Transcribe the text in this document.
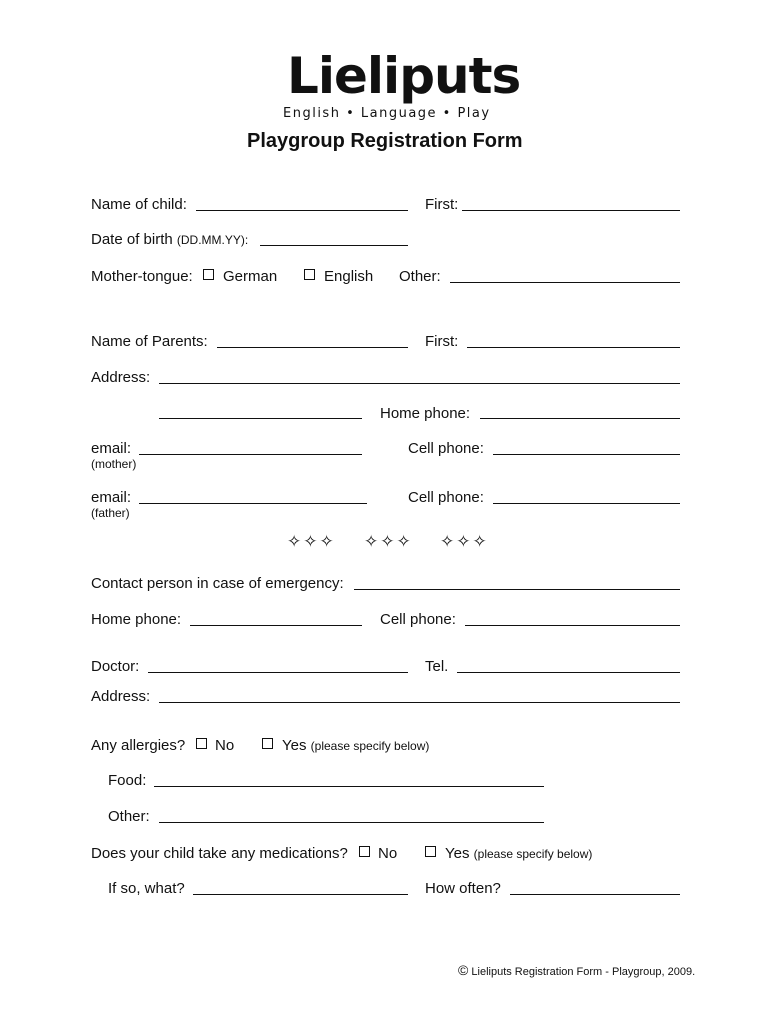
Lieliputs
English • Language • Play
Playgroup Registration Form
Name of child:	First:
Date of birth (DD.MM.YY):
Mother-tongue: German	English Other:
Name of Parents:	First:
Address:
Home phone:
email:
(mother)
Cell phone:
email:
(father)
Cell phone:
✧✧✧ ✧✧✧ ✧✧✧
Contact person in case of emergency:
Home phone:	Cell phone:
Doctor:	Tel.
Address:
Any allergies? No	Yes (please specify below)
Food:
Other:
Does your child take any medications? No	Yes (please specify below)
If so, what?	How often?
© Lieliputs Registration Form - Playgroup, 2009.
